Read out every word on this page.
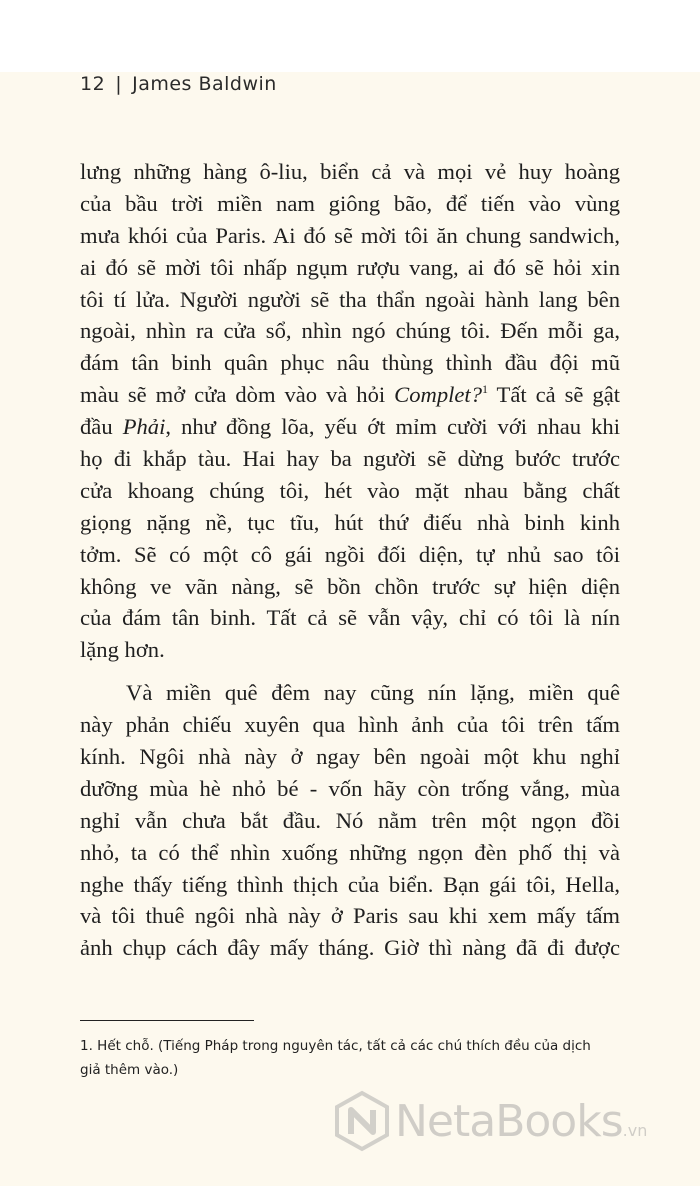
12 | James Baldwin

lưng những hàng ô-liu, biển cả và mọi vẻ huy hoàng
của bầu trời miền nam giông bão, để tiến vào vùng
mưa khói của Paris. Ai đó sẽ mời tôi ăn chung sandwich,
ai đó sẽ mời tôi nhấp ngụm rượu vang, ai đó sẽ hỏi xin
tôi tí lửa. Người người sẽ tha thẩn ngoài hành lang bên
ngoài, nhìn ra cửa sổ, nhìn ngó chúng tôi. Đến mỗi ga,
đám tân binh quân phục nâu thùng thình đầu đội mũ
màu sẽ mở cửa dòm vào và hỏi Complet?$^1$ Tất cả sẽ gật
đầu Phải, như đồng lõa, yếu ớt mỉm cười với nhau khi
họ đi khắp tàu. Hai hay ba người sẽ dừng bước trước
cửa khoang chúng tôi, hét vào mặt nhau bằng chất
giọng nặng nề, tục tĩu, hút thứ điếu nhà binh kinh
tởm. Sẽ có một cô gái ngồi đối diện, tự nhủ sao tôi
không ve vãn nàng, sẽ bồn chồn trước sự hiện diện
của đám tân binh. Tất cả sẽ vẫn vậy, chỉ có tôi là nín
lặng hơn.

Và miền quê đêm nay cũng nín lặng, miền quê
này phản chiếu xuyên qua hình ảnh của tôi trên tấm
kính. Ngôi nhà này ở ngay bên ngoài một khu nghỉ
dưỡng mùa hè nhỏ bé - vốn hãy còn trống vắng, mùa
nghỉ vẫn chưa bắt đầu. Nó nằm trên một ngọn đồi
nhỏ, ta có thể nhìn xuống những ngọn đèn phố thị và
nghe thấy tiếng thình thịch của biển. Bạn gái tôi, Hella,
và tôi thuê ngôi nhà này ở Paris sau khi xem mấy tấm
ảnh chụp cách đây mấy tháng. Giờ thì nàng đã đi được

1. Hết chỗ. (Tiếng Pháp trong nguyên tác, tất cả các chú thích đều của dịch
giả thêm vào.)
NetaBooks.vn
